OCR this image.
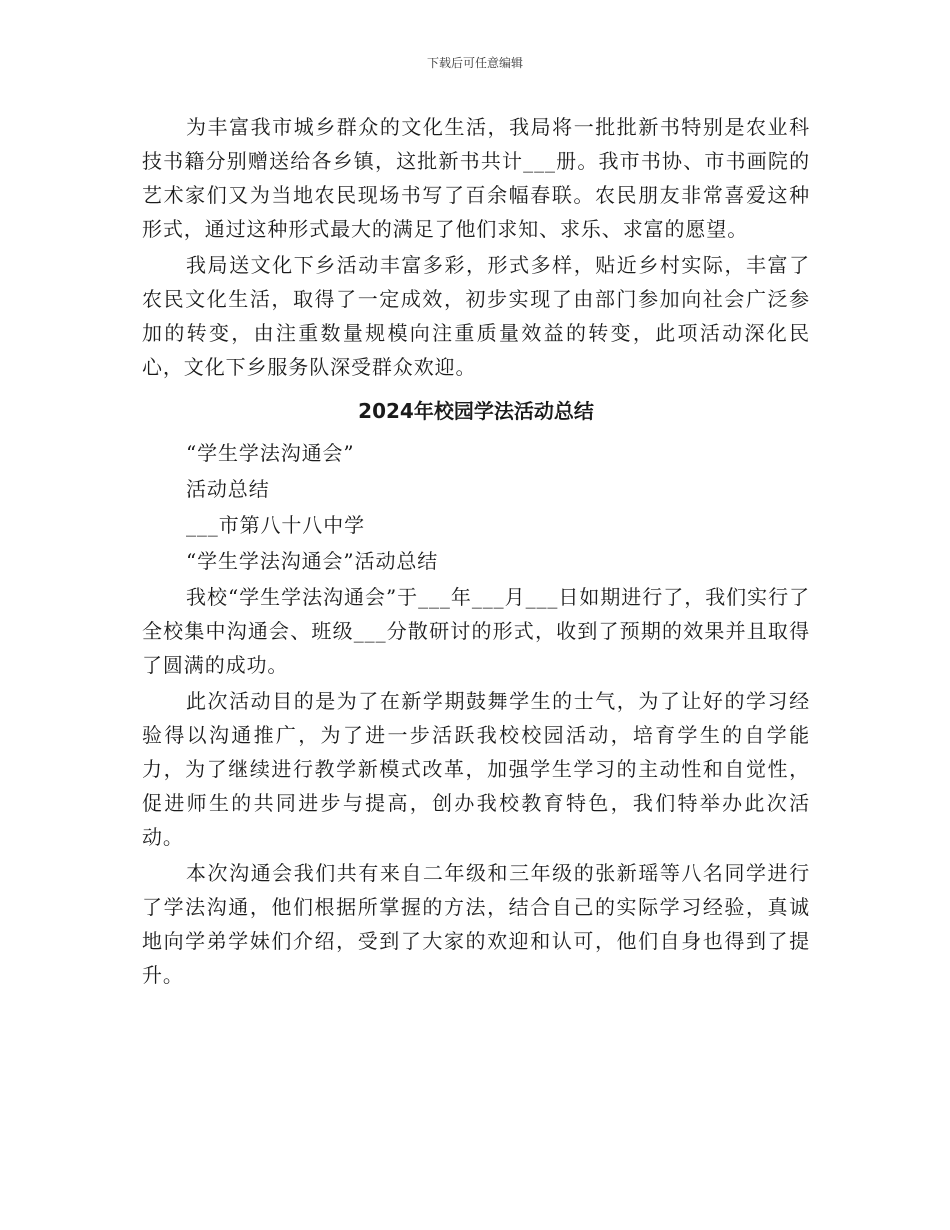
下载后可任意编辑

为丰富我市城乡群众的文化生活，我局将一批批新书特别是农业科技书籍分别赠送给各乡镇，这批新书共计___册。我市书协、市书画院的艺术家们又为当地农民现场书写了百余幅春联。农民朋友非常喜爱这种形式，通过这种形式最大的满足了他们求知、求乐、求富的愿望。

我局送文化下乡活动丰富多彩，形式多样，贴近乡村实际，丰富了农民文化生活，取得了一定成效，初步实现了由部门参加向社会广泛参加的转变，由注重数量规模向注重质量效益的转变，此项活动深化民心，文化下乡服务队深受群众欢迎。

2024年校园学法活动总结

“学生学法沟通会”

活动总结

___市第八十八中学

“学生学法沟通会”活动总结

我校“学生学法沟通会”于___年___月___日如期进行了，我们实行了全校集中沟通会、班级___分散研讨的形式，收到了预期的效果并且取得了圆满的成功。

此次活动目的是为了在新学期鼓舞学生的士气，为了让好的学习经验得以沟通推广，为了进一步活跃我校校园活动，培育学生的自学能力，为了继续进行教学新模式改革，加强学生学习的主动性和自觉性，促进师生的共同进步与提高，创办我校教育特色，我们特举办此次活动。

本次沟通会我们共有来自二年级和三年级的张新瑶等八名同学进行了学法沟通，他们根据所掌握的方法，结合自己的实际学习经验，真诚地向学弟学妹们介绍，受到了大家的欢迎和认可，他们自身也得到了提升。
